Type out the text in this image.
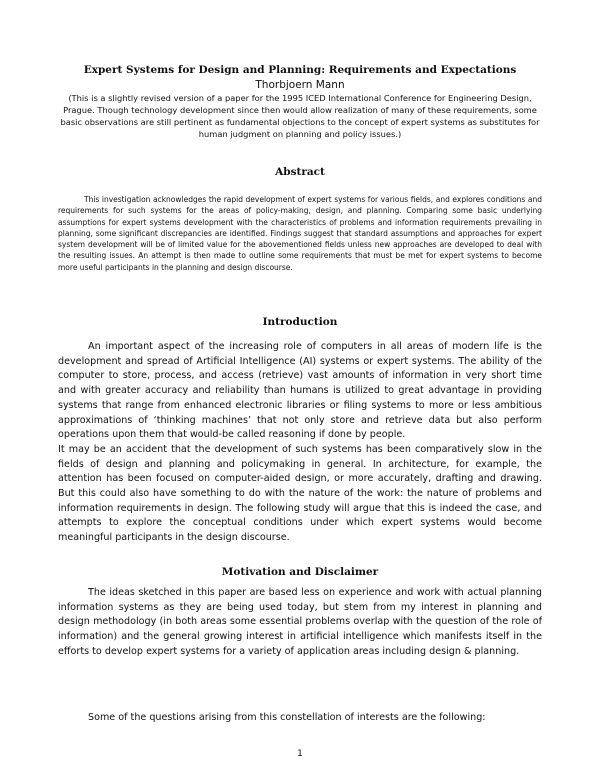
Expert Systems for Design and Planning: Requirements and Expectations
Thorbjoern Mann
(This is a slightly revised version of a paper for the 1995 ICED International Conference for Engineering Design, Prague. Though technology development since then would allow realization of many of these requirements, some basic observations are still pertinent as fundamental objections to the concept of expert systems as substitutes for human judgment on planning and policy issues.)
Abstract

This investigation acknowledges the rapid development of expert systems for various fields, and explores conditions and requirements for such systems for the areas of policy-making, design, and planning. Comparing some basic underlying assumptions for expert systems development with the characteristics of problems and information requirements prevailing in planning, some significant discrepancies are identified. Findings suggest that standard assumptions and approaches for expert system development will be of limited value for the abovementioned fields unless new approaches are developed to deal with the resulting issues. An attempt is then made to outline some requirements that must be met for expert systems to become more useful participants in the planning and design discourse.

Introduction

An important aspect of the increasing role of computers in all areas of modern life is the development and spread of Artificial Intelligence (AI) systems or expert systems. The ability of the computer to store, process, and access (retrieve) vast amounts of information in very short time and with greater accuracy and reliability than humans is utilized to great advantage in providing systems that range from enhanced electronic libraries or filing systems to more or less ambitious approximations of ‘thinking machines’ that not only store and retrieve data but also perform operations upon them that would-be called reasoning if done by people.

It may be an accident that the development of such systems has been comparatively slow in the fields of design and planning and policymaking in general. In architecture, for example, the attention has been focused on computer-aided design, or more accurately, drafting and drawing. But this could also have something to do with the nature of the work: the nature of problems and information requirements in design. The following study will argue that this is indeed the case, and attempts to explore the conceptual conditions under which expert systems would become meaningful participants in the design discourse.

Motivation and Disclaimer

The ideas sketched in this paper are based less on experience and work with actual planning information systems as they are being used today, but stem from my interest in planning and design methodology (in both areas some essential problems overlap with the question of the role of information) and the general growing interest in artificial intelligence which manifests itself in the efforts to develop expert systems for a variety of application areas including design & planning.

Some of the questions arising from this constellation of interests are the following:
1
